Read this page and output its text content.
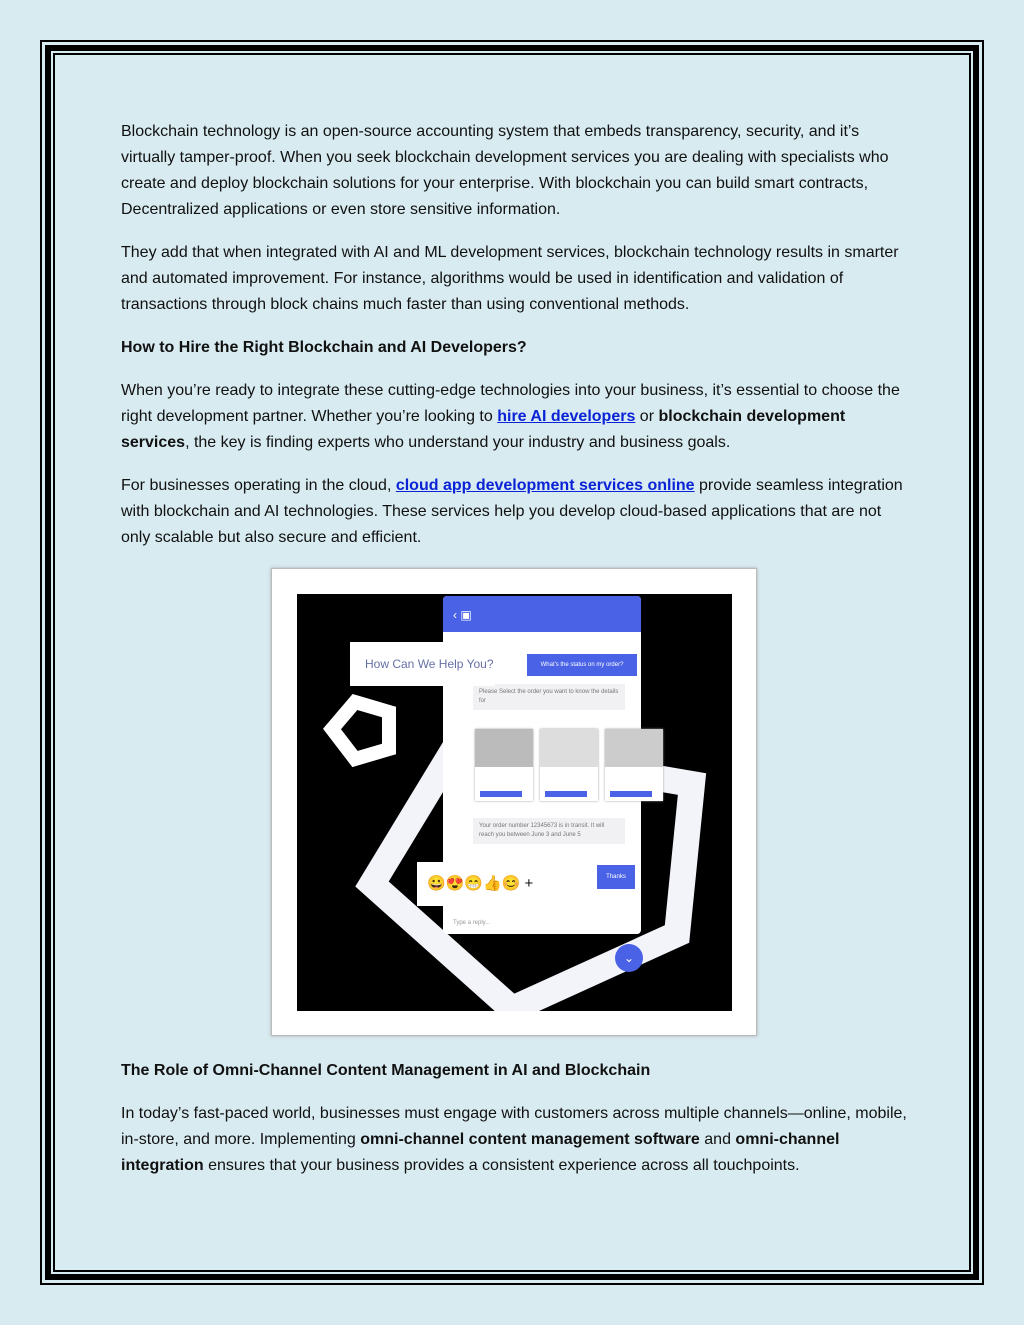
Blockchain technology is an open-source accounting system that embeds transparency, security, and it’s virtually tamper-proof. When you seek blockchain development services you are dealing with specialists who create and deploy blockchain solutions for your enterprise. With blockchain you can build smart contracts, Decentralized applications or even store sensitive information.

They add that when integrated with AI and ML development services, blockchain technology results in smarter and automated improvement. For instance, algorithms would be used in identification and validation of transactions through block chains much faster than using conventional methods.

How to Hire the Right Blockchain and AI Developers?

When you’re ready to integrate these cutting-edge technologies into your business, it’s essential to choose the right development partner. Whether you’re looking to hire AI developers or blockchain development services, the key is finding experts who understand your industry and business goals.

For businesses operating in the cloud, cloud app development services online provide seamless integration with blockchain and AI technologies. These services help you develop cloud-based applications that are not only scalable but also secure and efficient.

‹ ▣
Please Select the order you want to know the details for
Your order number 12345673 is in transit. It will reach you between June 3 and June 5
How Can We Help You?	What's the status on my order?
😀😍😁👍😊 +	Thanks
Type a reply...
⌄
The Role of Omni-Channel Content Management in AI and Blockchain

In today’s fast-paced world, businesses must engage with customers across multiple channels—online, mobile, in-store, and more. Implementing omni-channel content management software and omni-channel integration ensures that your business provides a consistent experience across all touchpoints.
